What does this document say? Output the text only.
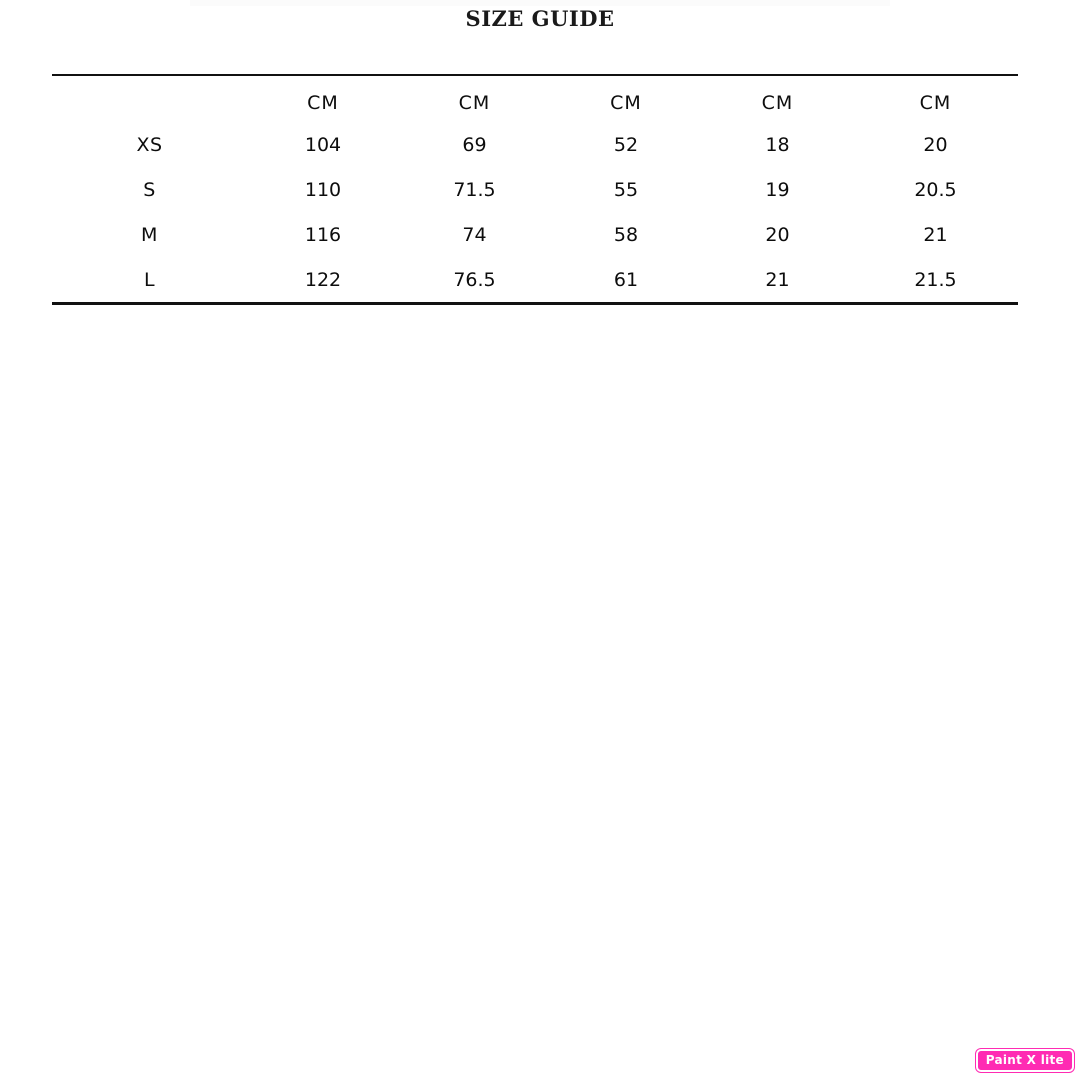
SIZE GUIDE
	CM	CM	CM	CM	CM
XS	104	69	52	18	20
S	110	71.5	55	19	20.5
M	116	74	58	20	21
L	122	76.5	61	21	21.5
Paint X lite
